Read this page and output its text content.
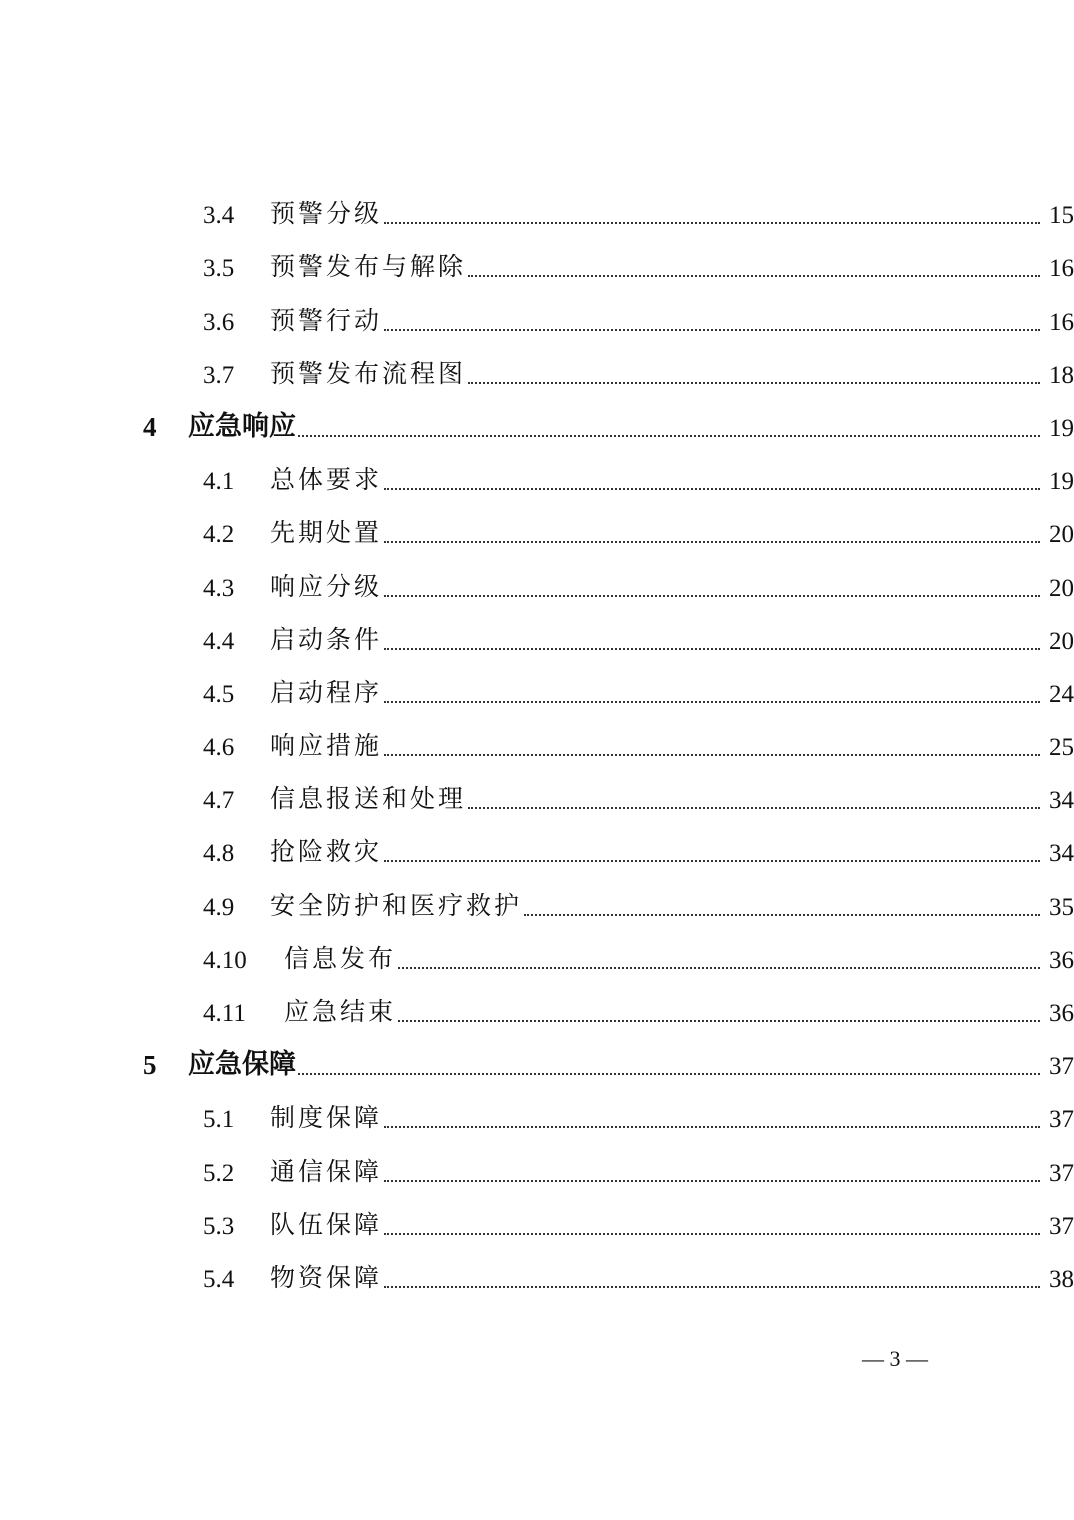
3.4	预警分级	15
3.5	预警发布与解除	16
3.6	预警行动	16
3.7	预警发布流程图	18
4	应急响应	19
4.1	总体要求	19
4.2	先期处置	20
4.3	响应分级	20
4.4	启动条件	20
4.5	启动程序	24
4.6	响应措施	25
4.7	信息报送和处理	34
4.8	抢险救灾	34
4.9	安全防护和医疗救护	35
4.10	信息发布	36
4.11	应急结束	36
5	应急保障	37
5.1	制度保障	37
5.2	通信保障	37
5.3	队伍保障	37
5.4	物资保障	38
— 3 —
